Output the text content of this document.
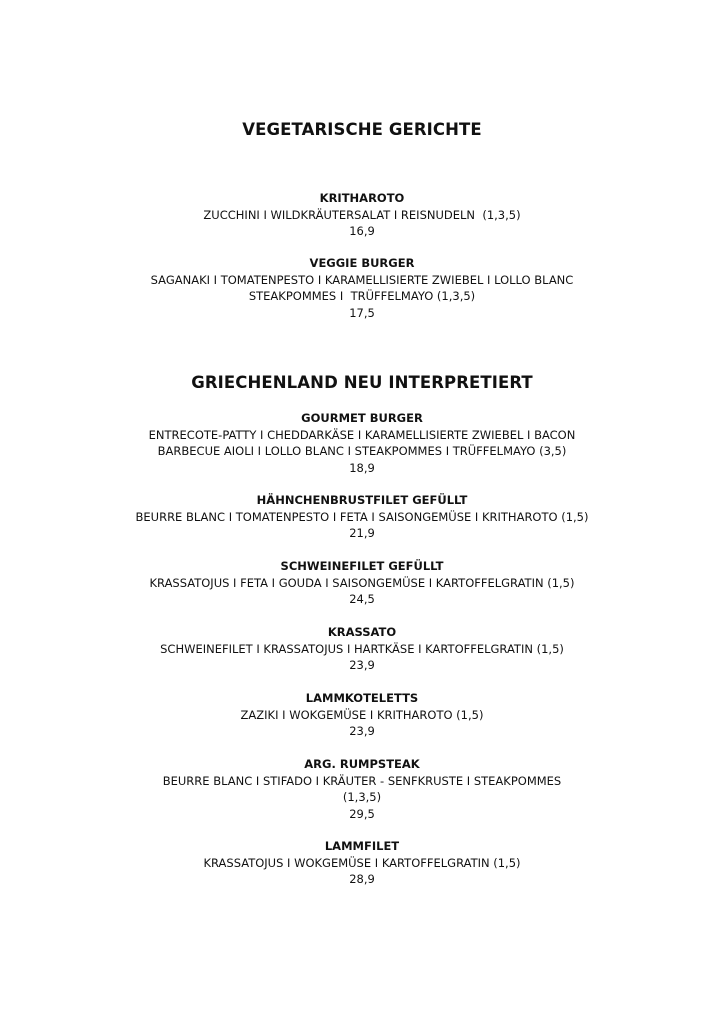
VEGETARISCHE GERICHTE
KRITHAROTO
ZUCCHINI I WILDKRÄUTERSALAT I REISNUDELN  (1,3,5)
16,9
VEGGIE BURGER
SAGANAKI I TOMATENPESTO I KARAMELLISIERTE ZWIEBEL I LOLLO BLANC
STEAKPOMMES I  TRÜFFELMAYO (1,3,5)
17,5
GRIECHENLAND NEU INTERPRETIERT
GOURMET BURGER
ENTRECOTE-PATTY I CHEDDARKÄSE I KARAMELLISIERTE ZWIEBEL I BACON
BARBECUE AIOLI I LOLLO BLANC I STEAKPOMMES I TRÜFFELMAYO (3,5)
18,9
HÄHNCHENBRUSTFILET GEFÜLLT
BEURRE BLANC I TOMATENPESTO I FETA I SAISONGEMÜSE I KRITHAROTO (1,5)
21,9
SCHWEINEFILET GEFÜLLT
KRASSATOJUS I FETA I GOUDA I SAISONGEMÜSE I KARTOFFELGRATIN (1,5)
24,5
KRASSATO
SCHWEINEFILET I KRASSATOJUS I HARTKÄSE I KARTOFFELGRATIN (1,5)
23,9
LAMMKOTELETTS
ZAZIKI I WOKGEMÜSE I KRITHAROTO (1,5)
23,9
ARG. RUMPSTEAK
BEURRE BLANC I STIFADO I KRÄUTER - SENFKRUSTE I STEAKPOMMES
(1,3,5)
29,5
LAMMFILET
KRASSATOJUS I WOKGEMÜSE I KARTOFFELGRATIN (1,5)
28,9
